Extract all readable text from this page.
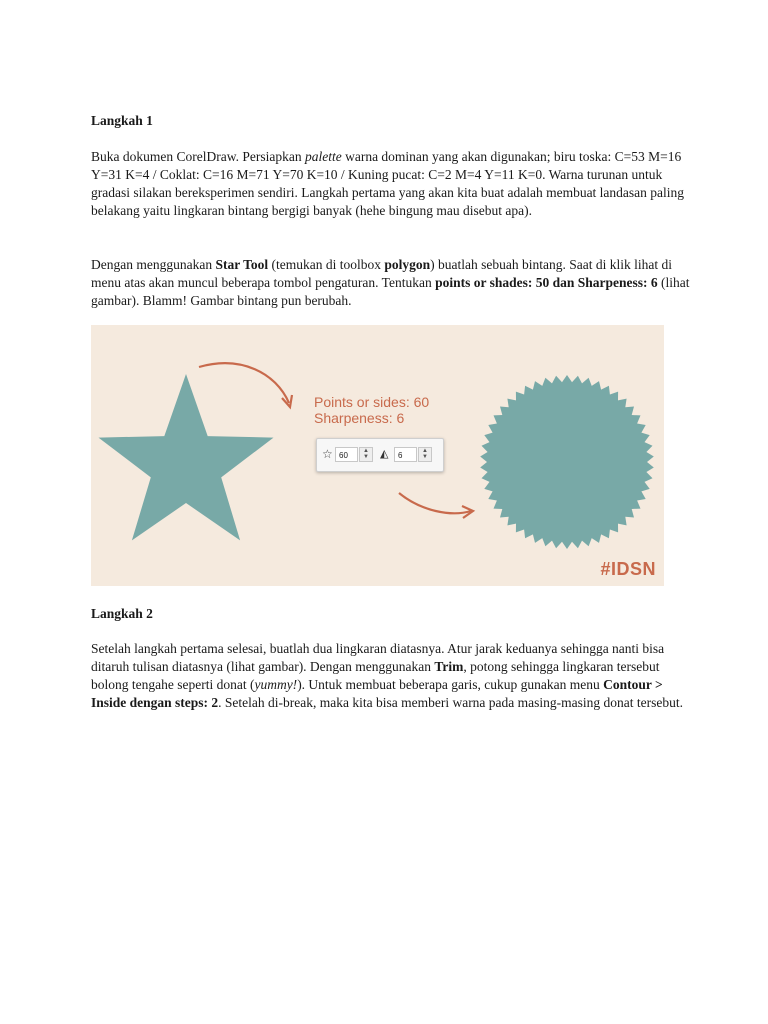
Langkah 1

Buka dokumen CorelDraw. Persiapkan palette warna dominan yang akan digunakan; biru toska: C=53 M=16 Y=31 K=4 / Coklat: C=16 M=71 Y=70 K=10 / Kuning pucat: C=2 M=4 Y=11 K=0. Warna turunan untuk gradasi silakan bereksperimen sendiri. Langkah pertama yang akan kita buat adalah membuat landasan paling belakang yaitu lingkaran bintang bergigi banyak (hehe bingung mau disebut apa).

Dengan menggunakan Star Tool (temukan di toolbox polygon) buatlah sebuah bintang. Saat di klik lihat di menu atas akan muncul beberapa tombol pengaturan. Tentukan points or shades: 50 dan Sharpeness: 6 (lihat gambar). Blamm! Gambar bintang pun berubah.

Points or sides: 60
Sharpeness: 6
☆ 60	▲
▼	◭	6	▲
▼
#IDSN
Langkah 2

Setelah langkah pertama selesai, buatlah dua lingkaran diatasnya. Atur jarak keduanya sehingga nanti bisa ditaruh tulisan diatasnya (lihat gambar). Dengan menggunakan Trim, potong sehingga lingkaran tersebut bolong tengahe seperti donat (yummy!). Untuk membuat beberapa garis, cukup gunakan menu Contour > Inside dengan steps: 2. Setelah di-break, maka kita bisa memberi warna pada masing-masing donat tersebut.
